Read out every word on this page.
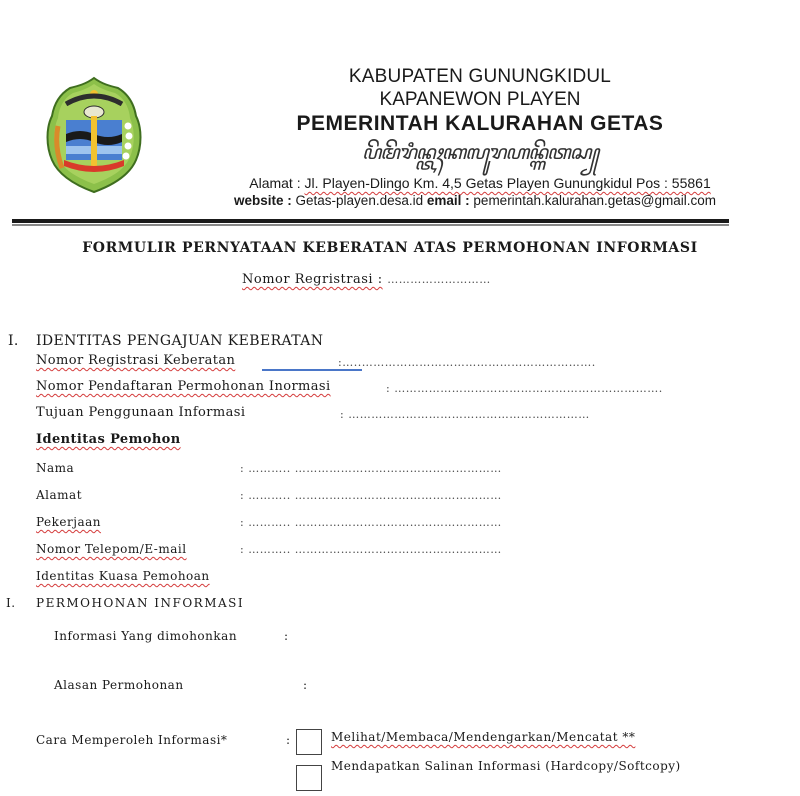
KABUPATEN GUNUNGKIDUL
KAPANEWON PLAYEN
PEMERINTAH KALURAHAN GETAS
ꦥꦼꦩꦼꦫꦶꦤ꧀ꦠꦃꦏꦭꦸꦫꦲꦤ꧀ꦒꦼꦠꦱ꧀
Alamat : Jl. Playen-Dlingo Km. 4,5 Getas Playen Gunungkidul Pos : 55861
website : Getas-playen.desa.id email : pemerintah.kalurahan.getas@gmail.com
FORMULIR PERNYATAAN KEBERATAN ATAS PERMOHONAN INFORMASI
Nomor Regristrasi : ………………………
I. IDENTITAS PENGAJUAN KEBERATAN
Nomor Registrasi Keberatan	:…..…………………………………………………….
Nomor Pendaftaran Permohonan Inormasi	: …………………………………………………………….
Tujuan Penggunaan Informasi	: ………………………………………………………
Identitas Pemohon
Nama	: ……….. ………………………………………………
Alamat	: ……….. ………………………………………………
Pekerjaan	: ……….. ………………………………………………
Nomor Telepom/E-mail	: ……….. ………………………………………………
Identitas Kuasa Pemohoan
I. PERMOHONAN INFORMASI
Informasi Yang dimohonkan	:
Alasan Permohonan	:
Cara Memperoleh Informasi*	:	Melihat/Membaca/Mendengarkan/Mencatat **
Mendapatkan Salinan Informasi (Hardcopy/Softcopy)
